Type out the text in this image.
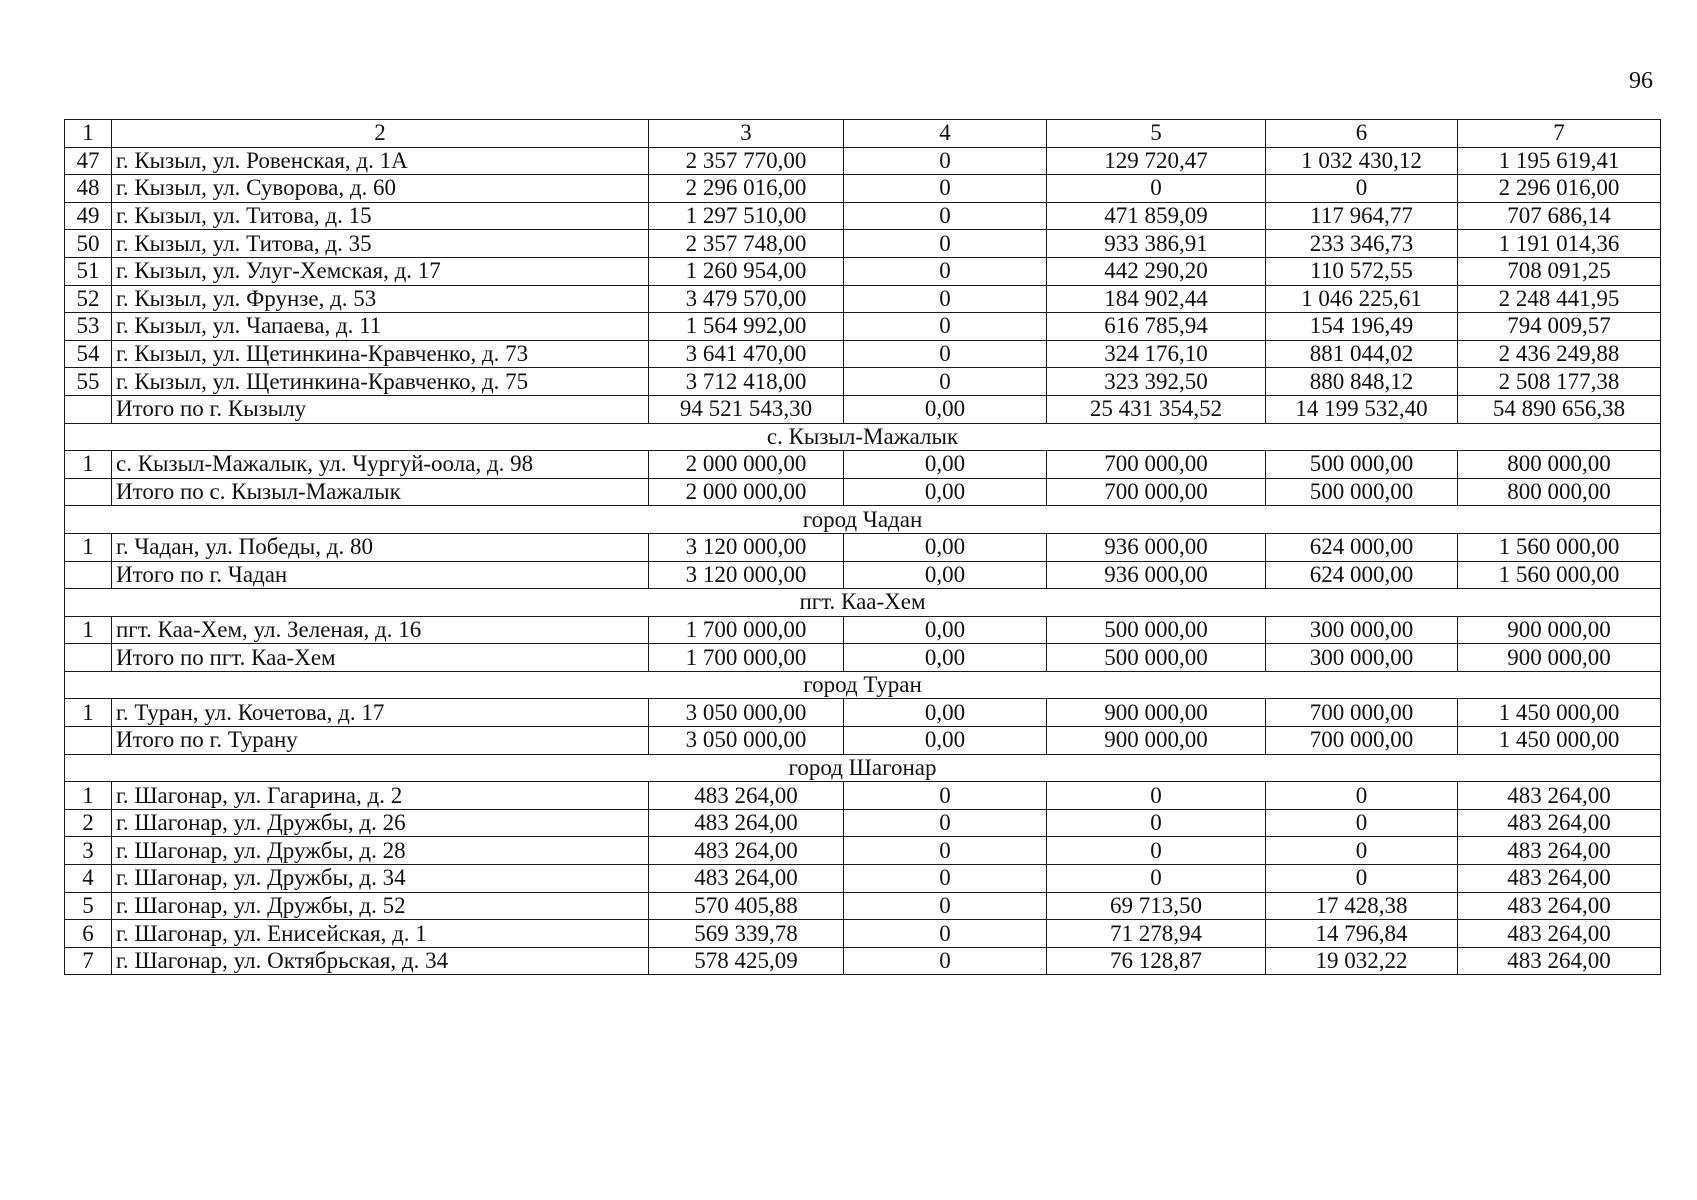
96
1	2	3	4	5	6	7
47	г. Кызыл, ул. Ровенская, д. 1А	2 357 770,00	0	129 720,47	1 032 430,12	1 195 619,41
48	г. Кызыл, ул. Суворова, д. 60	2 296 016,00	0	0	0	2 296 016,00
49	г. Кызыл, ул. Титова, д. 15	1 297 510,00	0	471 859,09	117 964,77	707 686,14
50	г. Кызыл, ул. Титова, д. 35	2 357 748,00	0	933 386,91	233 346,73	1 191 014,36
51	г. Кызыл, ул. Улуг-Хемская, д. 17	1 260 954,00	0	442 290,20	110 572,55	708 091,25
52	г. Кызыл, ул. Фрунзе, д. 53	3 479 570,00	0	184 902,44	1 046 225,61	2 248 441,95
53	г. Кызыл, ул. Чапаева, д. 11	1 564 992,00	0	616 785,94	154 196,49	794 009,57
54	г. Кызыл, ул. Щетинкина-Кравченко, д. 73	3 641 470,00	0	324 176,10	881 044,02	2 436 249,88
55	г. Кызыл, ул. Щетинкина-Кравченко, д. 75	3 712 418,00	0	323 392,50	880 848,12	2 508 177,38
	Итого по г. Кызылу	94 521 543,30	0,00	25 431 354,52	14 199 532,40	54 890 656,38
с. Кызыл-Мажалык						
1	с. Кызыл-Мажалык, ул. Чургуй-оола, д. 98	2 000 000,00	0,00	700 000,00	500 000,00	800 000,00
	Итого по с. Кызыл-Мажалык	2 000 000,00	0,00	700 000,00	500 000,00	800 000,00
город Чадан						
1	г. Чадан, ул. Победы, д. 80	3 120 000,00	0,00	936 000,00	624 000,00	1 560 000,00
	Итого по г. Чадан	3 120 000,00	0,00	936 000,00	624 000,00	1 560 000,00
пгт. Каа-Хем						
1	пгт. Каа-Хем, ул. Зеленая, д. 16	1 700 000,00	0,00	500 000,00	300 000,00	900 000,00
	Итого по пгт. Каа-Хем	1 700 000,00	0,00	500 000,00	300 000,00	900 000,00
город Туран						
1	г. Туран, ул. Кочетова, д. 17	3 050 000,00	0,00	900 000,00	700 000,00	1 450 000,00
	Итого по г. Турану	3 050 000,00	0,00	900 000,00	700 000,00	1 450 000,00
город Шагонар						
1	г. Шагонар, ул. Гагарина, д. 2	483 264,00	0	0	0	483 264,00
2	г. Шагонар, ул. Дружбы, д. 26	483 264,00	0	0	0	483 264,00
3	г. Шагонар, ул. Дружбы, д. 28	483 264,00	0	0	0	483 264,00
4	г. Шагонар, ул. Дружбы, д. 34	483 264,00	0	0	0	483 264,00
5	г. Шагонар, ул. Дружбы, д. 52	570 405,88	0	69 713,50	17 428,38	483 264,00
6	г. Шагонар, ул. Енисейская, д. 1	569 339,78	0	71 278,94	14 796,84	483 264,00
7	г. Шагонар, ул. Октябрьская, д. 34	578 425,09	0	76 128,87	19 032,22	483 264,00
